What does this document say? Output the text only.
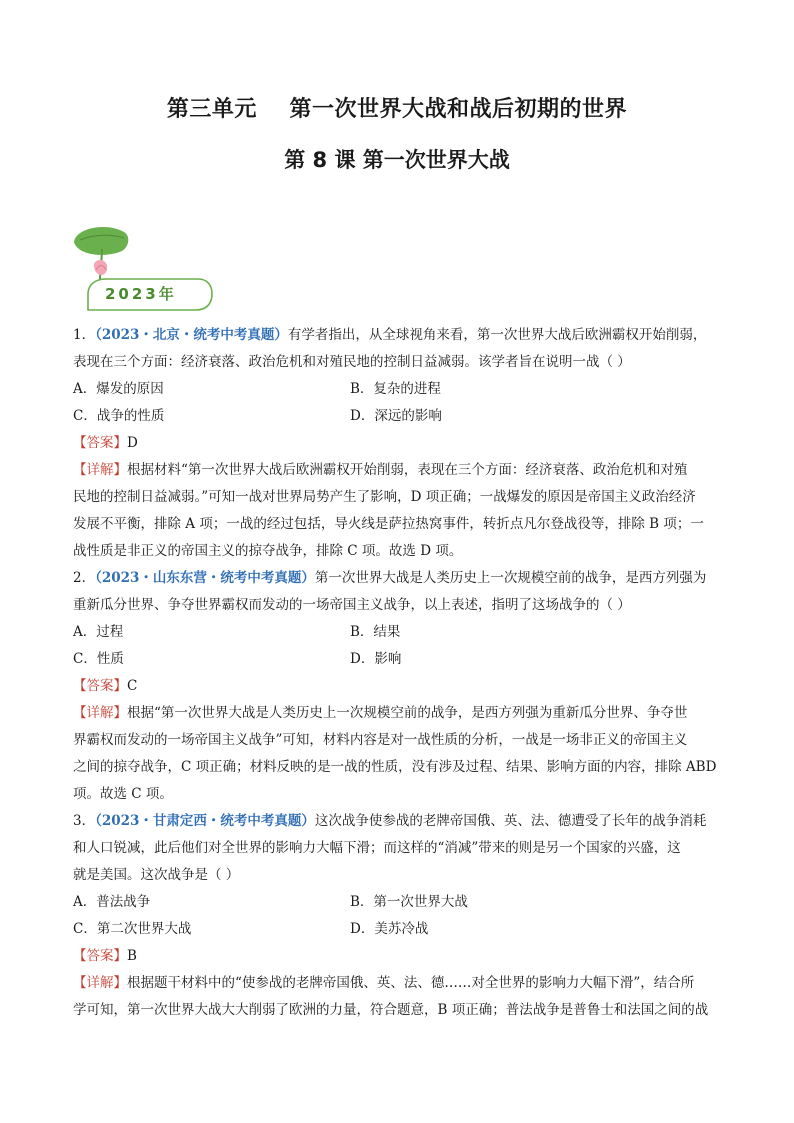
第三单元    第一次世界大战和战后初期的世界
第 8 课 第一次世界大战
2023年
1．（2023・北京・统考中考真题）有学者指出，从全球视角来看，第一次世界大战后欧洲霸权开始削弱，
表现在三个方面：经济衰落、政治危机和对殖民地的控制日益减弱。该学者旨在说明一战（ ）
A．爆发的原因	B．复杂的进程
C．战争的性质	D．深远的影响
【答案】D
【详解】根据材料“第一次世界大战后欧洲霸权开始削弱，表现在三个方面：经济衰落、政治危机和对殖
民地的控制日益减弱。”可知一战对世界局势产生了影响，D 项正确；一战爆发的原因是帝国主义政治经济
发展不平衡，排除 A 项；一战的经过包括，导火线是萨拉热窝事件，转折点凡尔登战役等，排除 B 项；一
战性质是非正义的帝国主义的掠夺战争，排除 C 项。故选 D 项。
2．（2023・山东东营・统考中考真题）第一次世界大战是人类历史上一次规模空前的战争，是西方列强为
重新瓜分世界、争夺世界霸权而发动的一场帝国主义战争，以上表述，指明了这场战争的（ ）
A．过程	B．结果
C．性质	D．影响
【答案】C
【详解】根据“第一次世界大战是人类历史上一次规模空前的战争，是西方列强为重新瓜分世界、争夺世
界霸权而发动的一场帝国主义战争”可知，材料内容是对一战性质的分析，一战是一场非正义的帝国主义
之间的掠夺战争，C 项正确；材料反映的是一战的性质，没有涉及过程、结果、影响方面的内容，排除 ABD
项。故选 C 项。
3．（2023・甘肃定西・统考中考真题）这次战争使参战的老牌帝国俄、英、法、德遭受了长年的战争消耗
和人口锐减，此后他们对全世界的影响力大幅下滑；而这样的“消减”带来的则是另一个国家的兴盛，这
就是美国。这次战争是（ ）
A．普法战争	B．第一次世界大战
C．第二次世界大战	D．美苏冷战
【答案】B
【详解】根据题干材料中的“使参战的老牌帝国俄、英、法、德……对全世界的影响力大幅下滑”，结合所
学可知，第一次世界大战大大削弱了欧洲的力量，符合题意，B 项正确；普法战争是普鲁士和法国之间的战
